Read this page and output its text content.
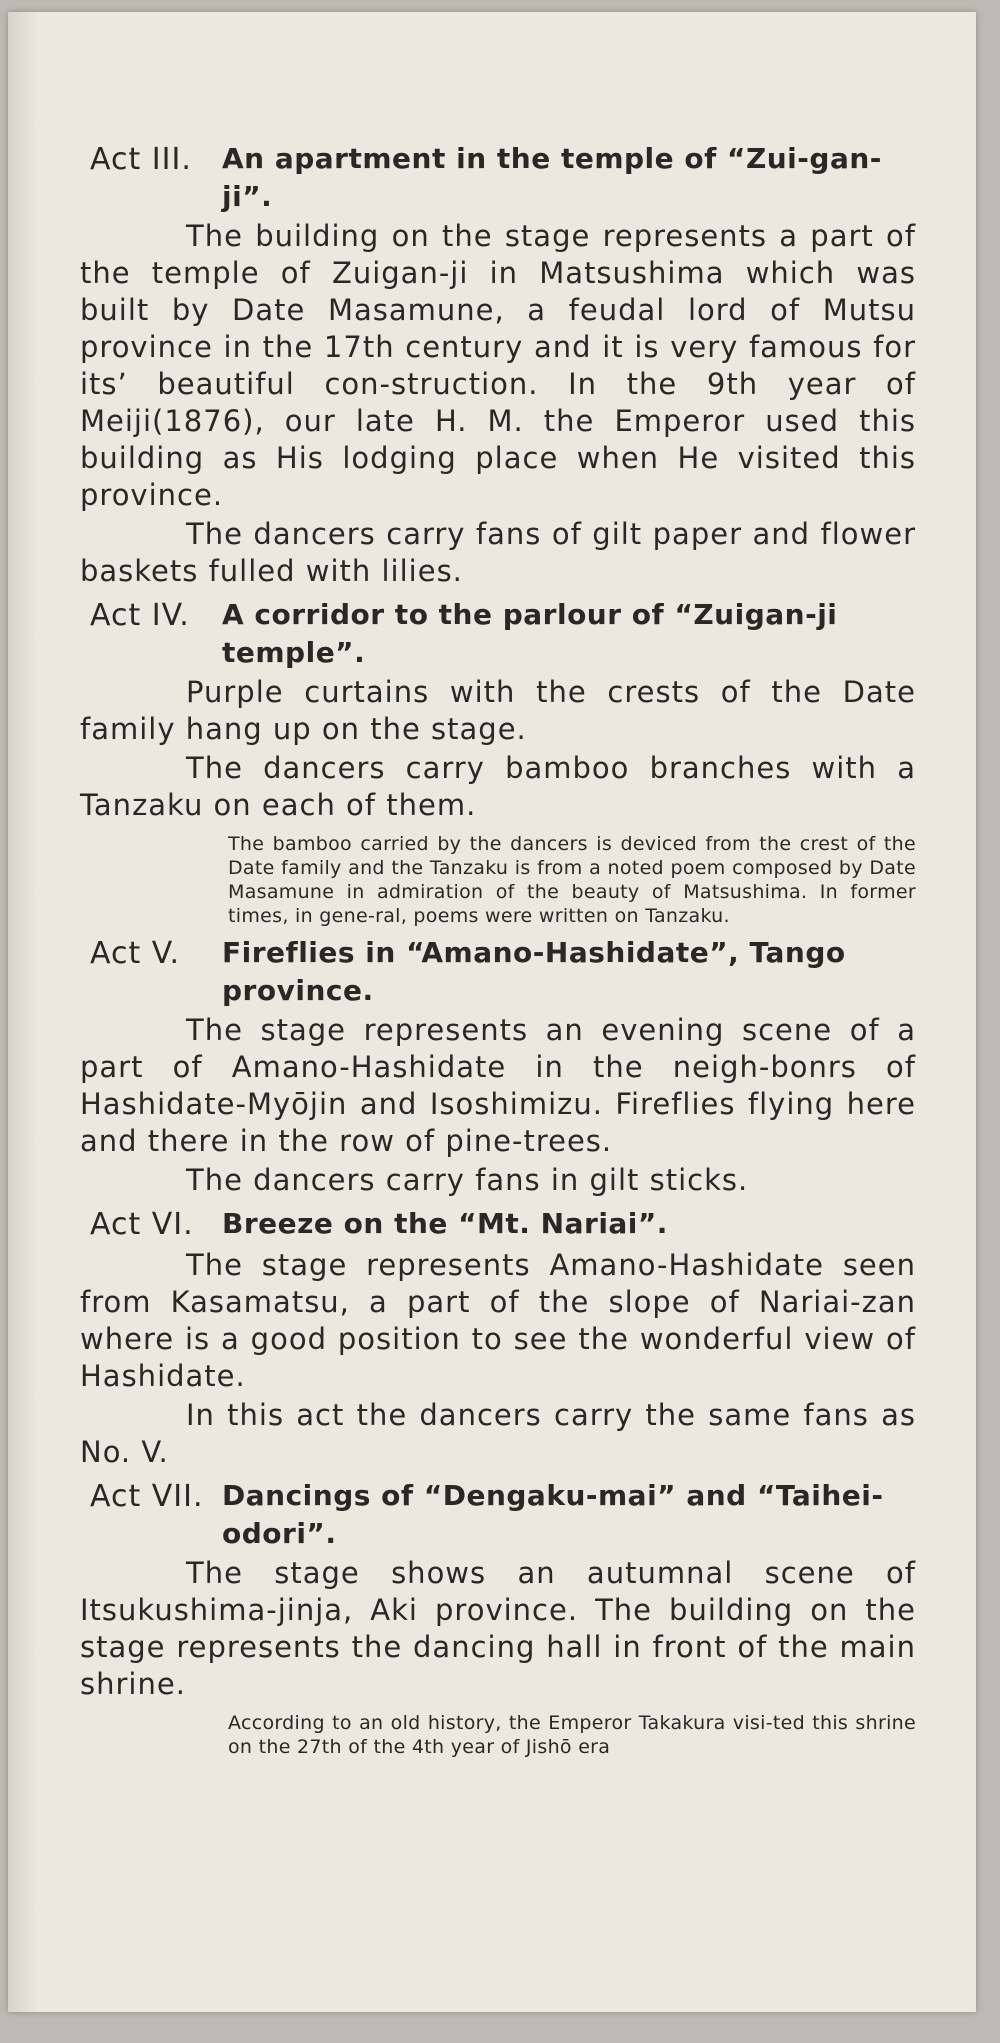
Act III. An apartment in the temple of “Zui-gan-ji”.

The building on the stage represents a part of the temple of Zuigan-ji in Matsushima which was built by Date Masamune, a feudal lord of Mutsu province in the 17th century and it is very famous for its’ beautiful con-struction. In the 9th year of Meiji(1876), our late H. M. the Emperor used this building as His lodging place when He visited this province.

The dancers carry fans of gilt paper and flower baskets fulled with lilies.

Act IV. A corridor to the parlour of “Zuigan-ji temple”.

Purple curtains with the crests of the Date family hang up on the stage.

The dancers carry bamboo branches with a Tanzaku on each of them.

The bamboo carried by the dancers is deviced from the crest of the Date family and the Tanzaku is from a noted poem composed by Date Masamune in admiration of the beauty of Matsushima. In former times, in gene-ral, poems were written on Tanzaku.

Act V. Fireflies in “Amano-Hashidate”, Tango province.

The stage represents an evening scene of a part of Amano-Hashidate in the neigh-bonrs of Hashidate-Myōjin and Isoshimizu. Fireflies flying here and there in the row of pine-trees.

The dancers carry fans in gilt sticks.

Act VI. Breeze on the “Mt. Nariai”.

The stage represents Amano-Hashidate seen from Kasamatsu, a part of the slope of Nariai-zan where is a good position to see the wonderful view of Hashidate.

In this act the dancers carry the same fans as No. V.

Act VII. Dancings of “Dengaku-mai” and “Taihei-odori”.

The stage shows an autumnal scene of Itsukushima-jinja, Aki province. The building on the stage represents the dancing hall in front of the main shrine.

According to an old history, the Emperor Takakura visi-ted this shrine on the 27th of the 4th year of Jishō era
